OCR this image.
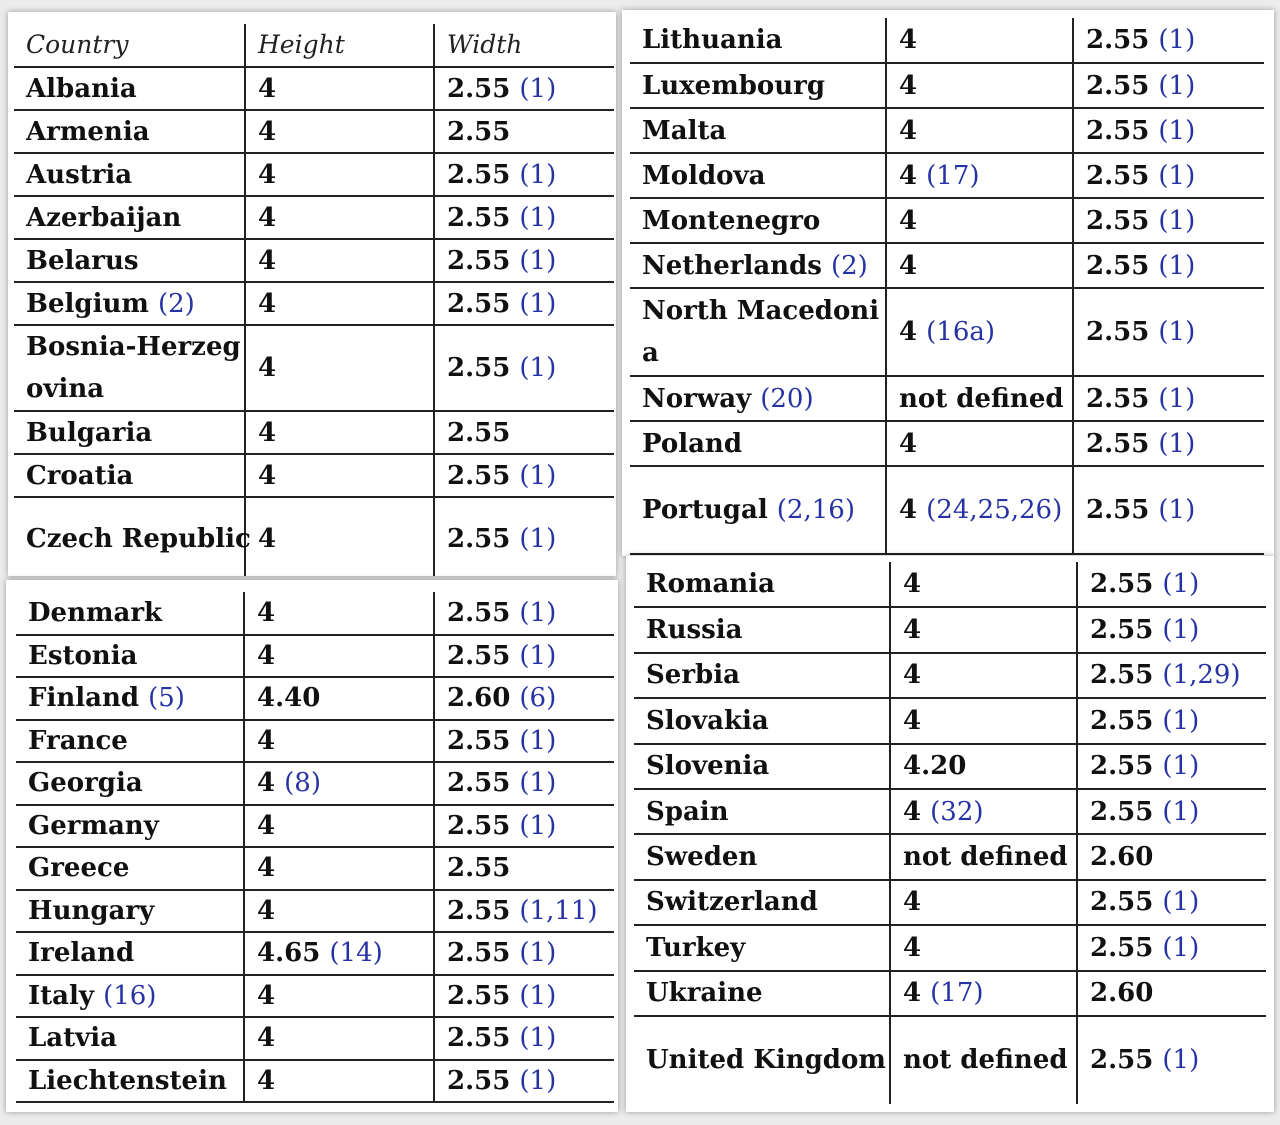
Country	Height	Width
Albania	4	2.55 (1)
Armenia	4	2.55
Austria	4	2.55 (1)
Azerbaijan	4	2.55 (1)
Belarus	4	2.55 (1)
Belgium (2)	4	2.55 (1)
Bosnia-Herzegovina	4	2.55 (1)
Bulgaria	4	2.55
Croatia	4	2.55 (1)
Czech Republic	4	2.55 (1)
Lithuania	4	2.55 (1)
Luxembourg	4	2.55 (1)
Malta	4	2.55 (1)
Moldova	4 (17)	2.55 (1)
Montenegro	4	2.55 (1)
Netherlands (2)	4	2.55 (1)
North Macedonia	4 (16a)	2.55 (1)
Norway (20)	not defined	2.55 (1)
Poland	4	2.55 (1)
Portugal (2,16)	4 (24,25,26)	2.55 (1)
Denmark	4	2.55 (1)
Estonia	4	2.55 (1)
Finland (5)	4.40	2.60 (6)
France	4	2.55 (1)
Georgia	4 (8)	2.55 (1)
Germany	4	2.55 (1)
Greece	4	2.55
Hungary	4	2.55 (1,11)
Ireland	4.65 (14)	2.55 (1)
Italy (16)	4	2.55 (1)
Latvia	4	2.55 (1)
Liechtenstein	4	2.55 (1)
Romania	4	2.55 (1)
Russia	4	2.55 (1)
Serbia	4	2.55 (1,29)
Slovakia	4	2.55 (1)
Slovenia	4.20	2.55 (1)
Spain	4 (32)	2.55 (1)
Sweden	not defined	2.60
Switzerland	4	2.55 (1)
Turkey	4	2.55 (1)
Ukraine	4 (17)	2.60
United Kingdom	not defined	2.55 (1)
